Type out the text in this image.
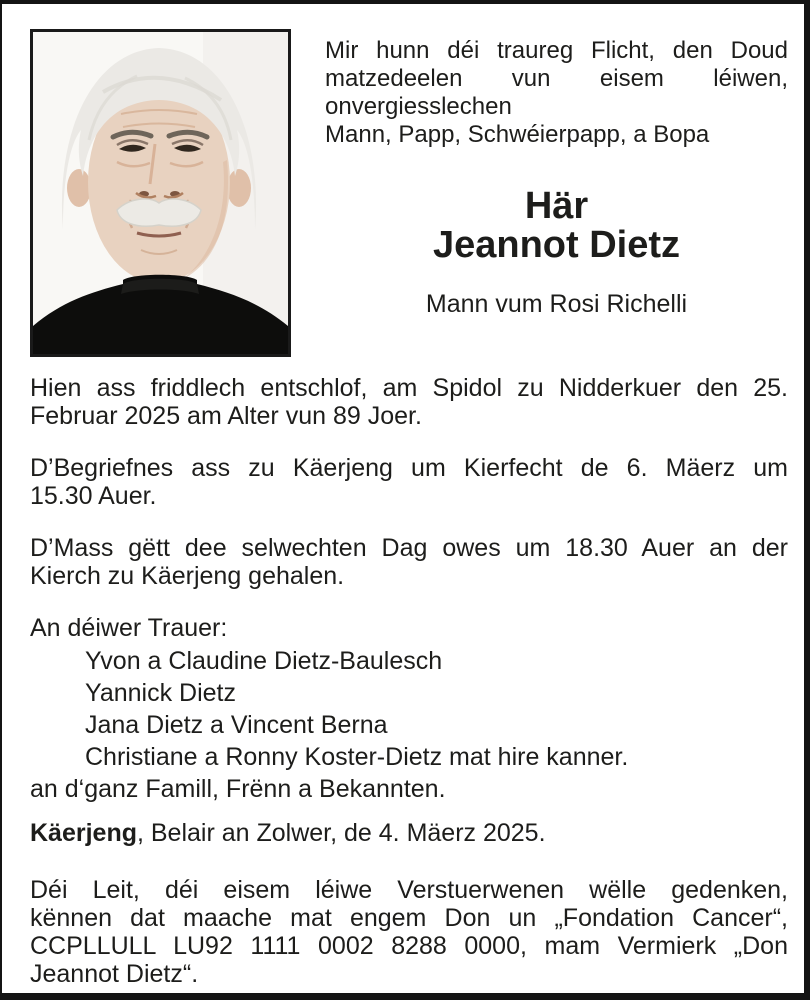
Mir hunn déi traureg Flicht, den Doud
matzedeelen vun eisem léiwen,
onvergiesslechen
Mann, Papp, Schwéierpapp, a Bopa
Här
Jeannot Dietz
Mann vum Rosi Richelli
Hien ass friddlech entschlof, am Spidol zu Nidderkuer den 25.
Februar 2025 am Alter vun 89 Joer.
D’Begriefnes ass zu Käerjeng um Kierfecht de 6. Mäerz um
15.30 Auer.
D’Mass gëtt dee selwechten Dag owes um 18.30 Auer an der
Kierch zu Käerjeng gehalen.
An déiwer Trauer:
Yvon a Claudine Dietz-Baulesch
Yannick Dietz
Jana Dietz a Vincent Berna
Christiane a Ronny Koster-Dietz mat hire kanner.
an d‘ganz Famill, Frënn a Bekannten.
Käerjeng, Belair an Zolwer, de 4. Mäerz 2025.
Déi Leit, déi eisem léiwe Verstuerwenen wëlle gedenken,
kënnen dat maache mat engem Don un „Fondation Cancer“,
CCPLLULL LU92 1111 0002 8288 0000, mam Vermierk „Don
Jeannot Dietz“.
